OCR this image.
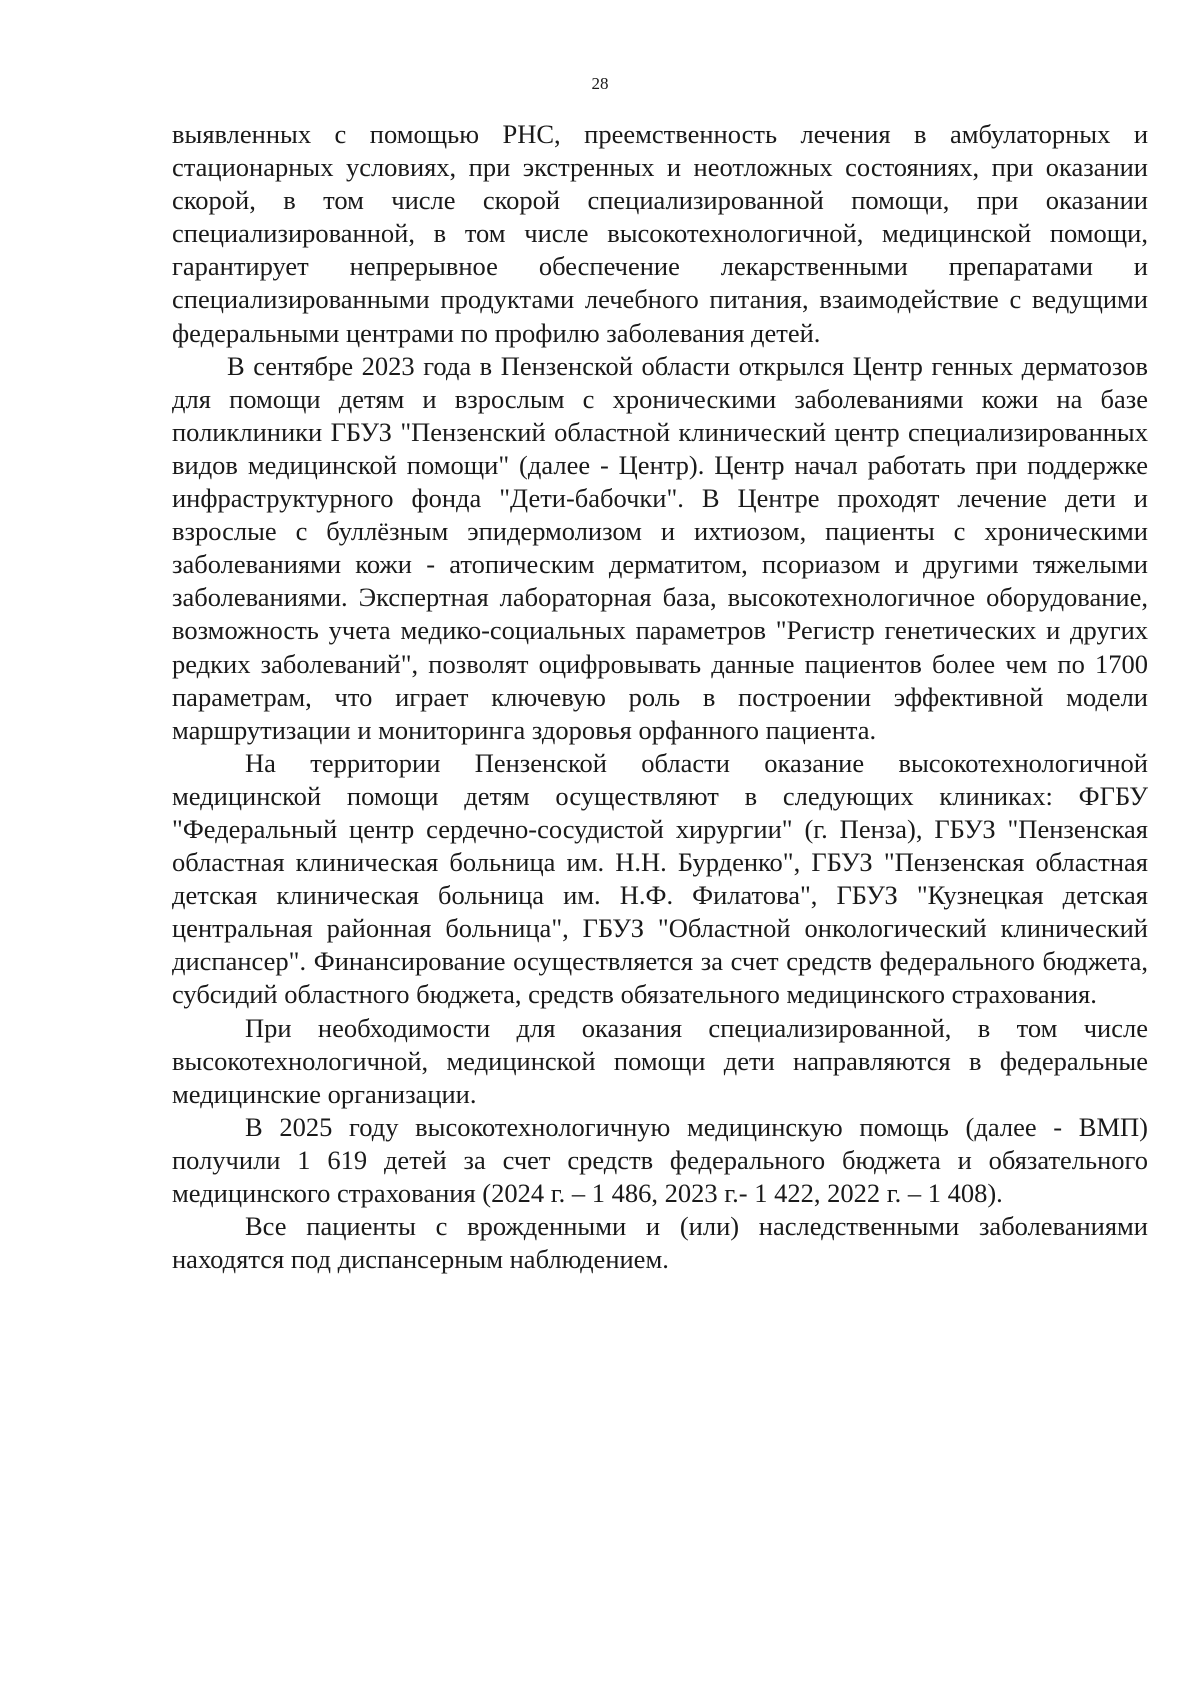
28

выявленных с помощью РНС, преемственность лечения в амбулаторных и стационарных условиях, при экстренных и неотложных состояниях, при оказании скорой, в том числе скорой специализированной помощи, при оказании специализированной, в том числе высокотехнологичной, медицинской помощи, гарантирует непрерывное обеспечение лекарственными препаратами и специализированными продуктами лечебного питания, взаимодействие с ведущими федеральными центрами по профилю заболевания детей.

В сентябре 2023 года в Пензенской области открылся Центр генных дерматозов для помощи детям и взрослым с хроническими заболеваниями кожи на базе поликлиники ГБУЗ "Пензенский областной клинический центр специализированных видов медицинской помощи" (далее - Центр). Центр начал работать при поддержке инфраструктурного фонда "Дети-бабочки". В Центре проходят лечение дети и взрослые с буллёзным эпидермолизом и ихтиозом, пациенты с хроническими заболеваниями кожи - атопическим дерматитом, псориазом и другими тяжелыми заболеваниями. Экспертная лабораторная база, высокотехнологичное оборудование, возможность учета медико-социальных параметров "Регистр генетических и других редких заболеваний", позволят оцифровывать данные пациентов более чем по 1700 параметрам, что играет ключевую роль в построении эффективной модели маршрутизации и мониторинга здоровья орфанного пациента.

На территории Пензенской области оказание высокотехнологичной медицинской помощи детям осуществляют в следующих клиниках: ФГБУ "Федеральный центр сердечно-сосудистой хирургии" (г. Пенза), ГБУЗ "Пензенская областная клиническая больница им. Н.Н. Бурденко", ГБУЗ "Пензенская областная детская клиническая больница им. Н.Ф. Филатова", ГБУЗ "Кузнецкая детская центральная районная больница", ГБУЗ "Областной онкологический клинический диспансер". Финансирование осуществляется за счет средств федерального бюджета, субсидий областного бюджета, средств обязательного медицинского страхования.

При необходимости для оказания специализированной, в том числе высокотехнологичной, медицинской помощи дети направляются в федеральные медицинские организации.

В 2025 году высокотехнологичную медицинскую помощь (далее - ВМП) получили 1 619 детей за счет средств федерального бюджета и обязательного медицинского страхования (2024 г. – 1 486, 2023 г.- 1 422, 2022 г. – 1 408).

Все пациенты с врожденными и (или) наследственными заболеваниями находятся под диспансерным наблюдением.
